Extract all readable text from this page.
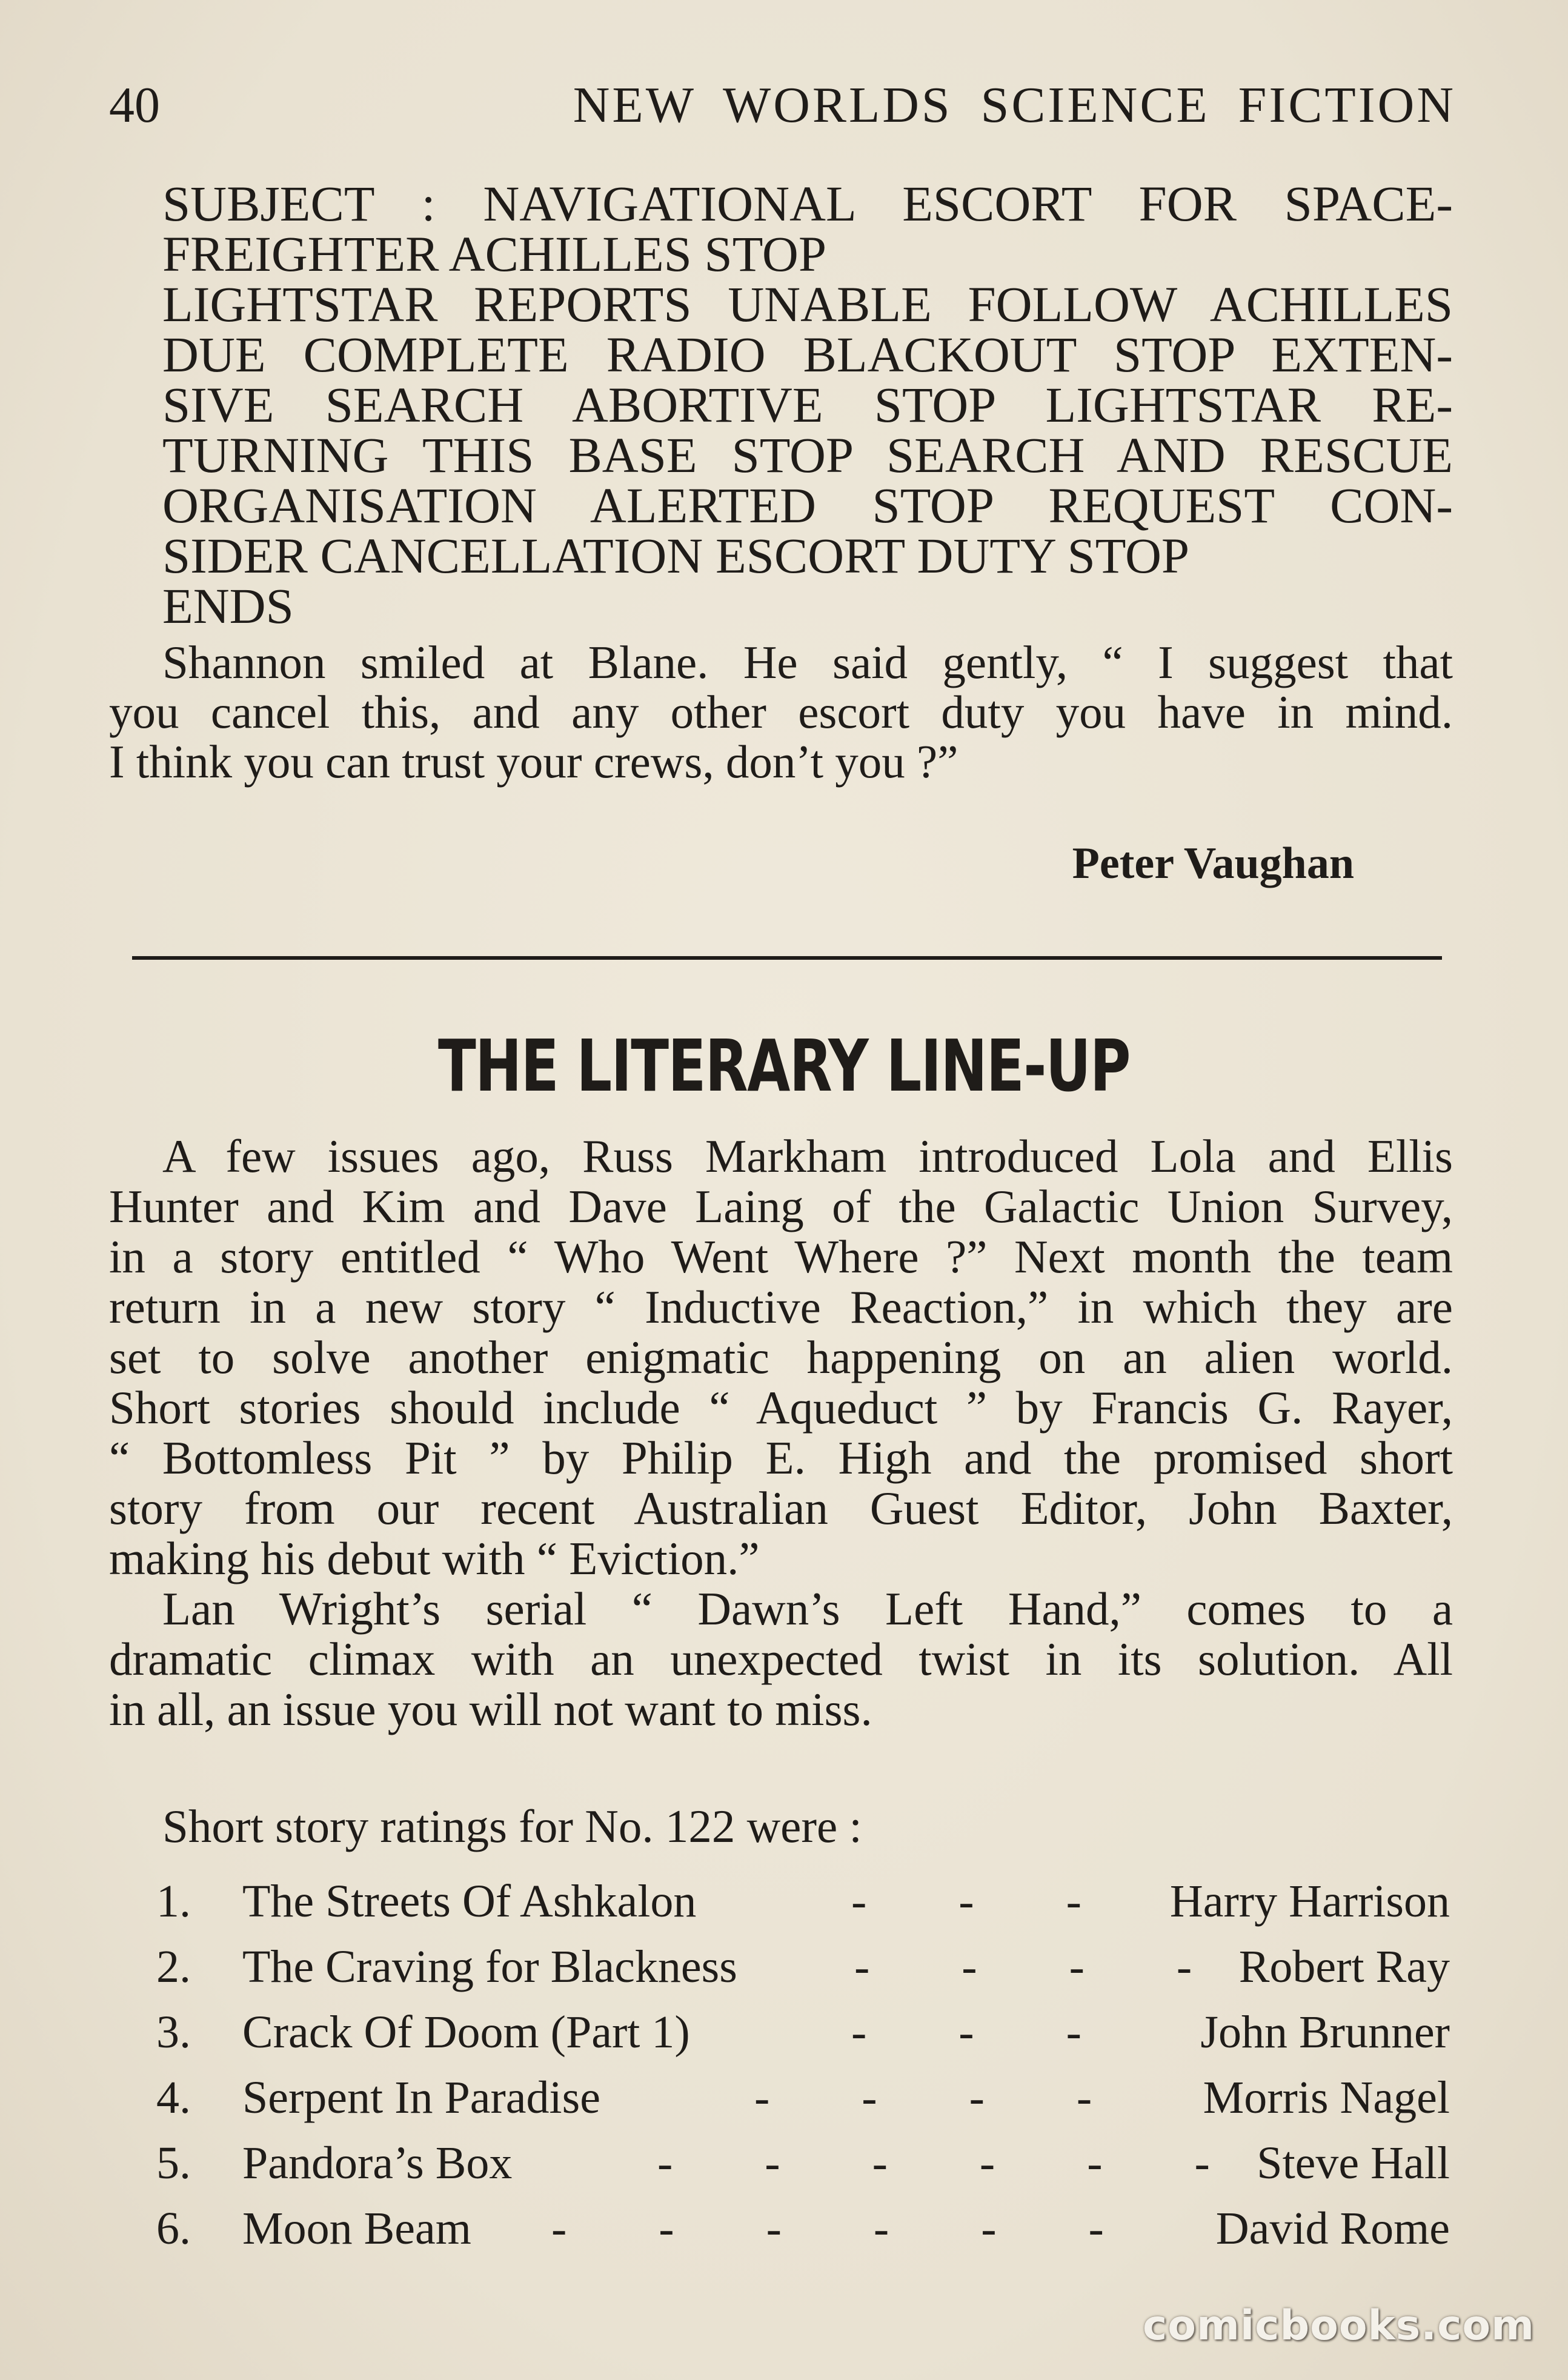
40	NEW WORLDS SCIENCE FICTION
SUBJECT : NAVIGATIONAL ESCORT FOR SPACE-
FREIGHTER ACHILLES STOP
LIGHTSTAR REPORTS UNABLE FOLLOW ACHILLES
DUE COMPLETE RADIO BLACKOUT STOP EXTEN-
SIVE SEARCH ABORTIVE STOP LIGHTSTAR RE-
TURNING THIS BASE STOP SEARCH AND RESCUE
ORGANISATION ALERTED STOP REQUEST CON-
SIDER CANCELLATION ESCORT DUTY STOP
ENDS
Shannon smiled at Blane. He said gently, “ I suggest that
you cancel this, and any other escort duty you have in mind.
I think you can trust your crews, don’t you ?”
Peter Vaughan
THE LITERARY LINE-UP
A few issues ago, Russ Markham introduced Lola and Ellis
Hunter and Kim and Dave Laing of the Galactic Union Survey,
in a story entitled “ Who Went Where ?” Next month the team
return in a new story “ Inductive Reaction,” in which they are
set to solve another enigmatic happening on an alien world.
Short stories should include “ Aqueduct ” by Francis G. Rayer,
“ Bottomless Pit ” by Philip E. High and the promised short
story from our recent Australian Guest Editor, John Baxter,
making his debut with “ Eviction.”
Lan Wright’s serial “ Dawn’s Left Hand,” comes to a
dramatic climax with an unexpected twist in its solution. All
in all, an issue you will not want to miss.
Short story ratings for No. 122 were :
1. The Streets Of Ashkalon	-        -        - Harry Harrison
2. The Craving for Blackness	-        -        -        - Robert Ray
3. Crack Of Doom (Part 1)	-        -        -	John Brunner
4. Serpent In Paradise	-        -        -        - Morris Nagel
5. Pandora’s Box	-        -        -        -        -        - Steve Hall
6. Moon Beam -        -        -        -        -        - David Rome
comicbooks.com
